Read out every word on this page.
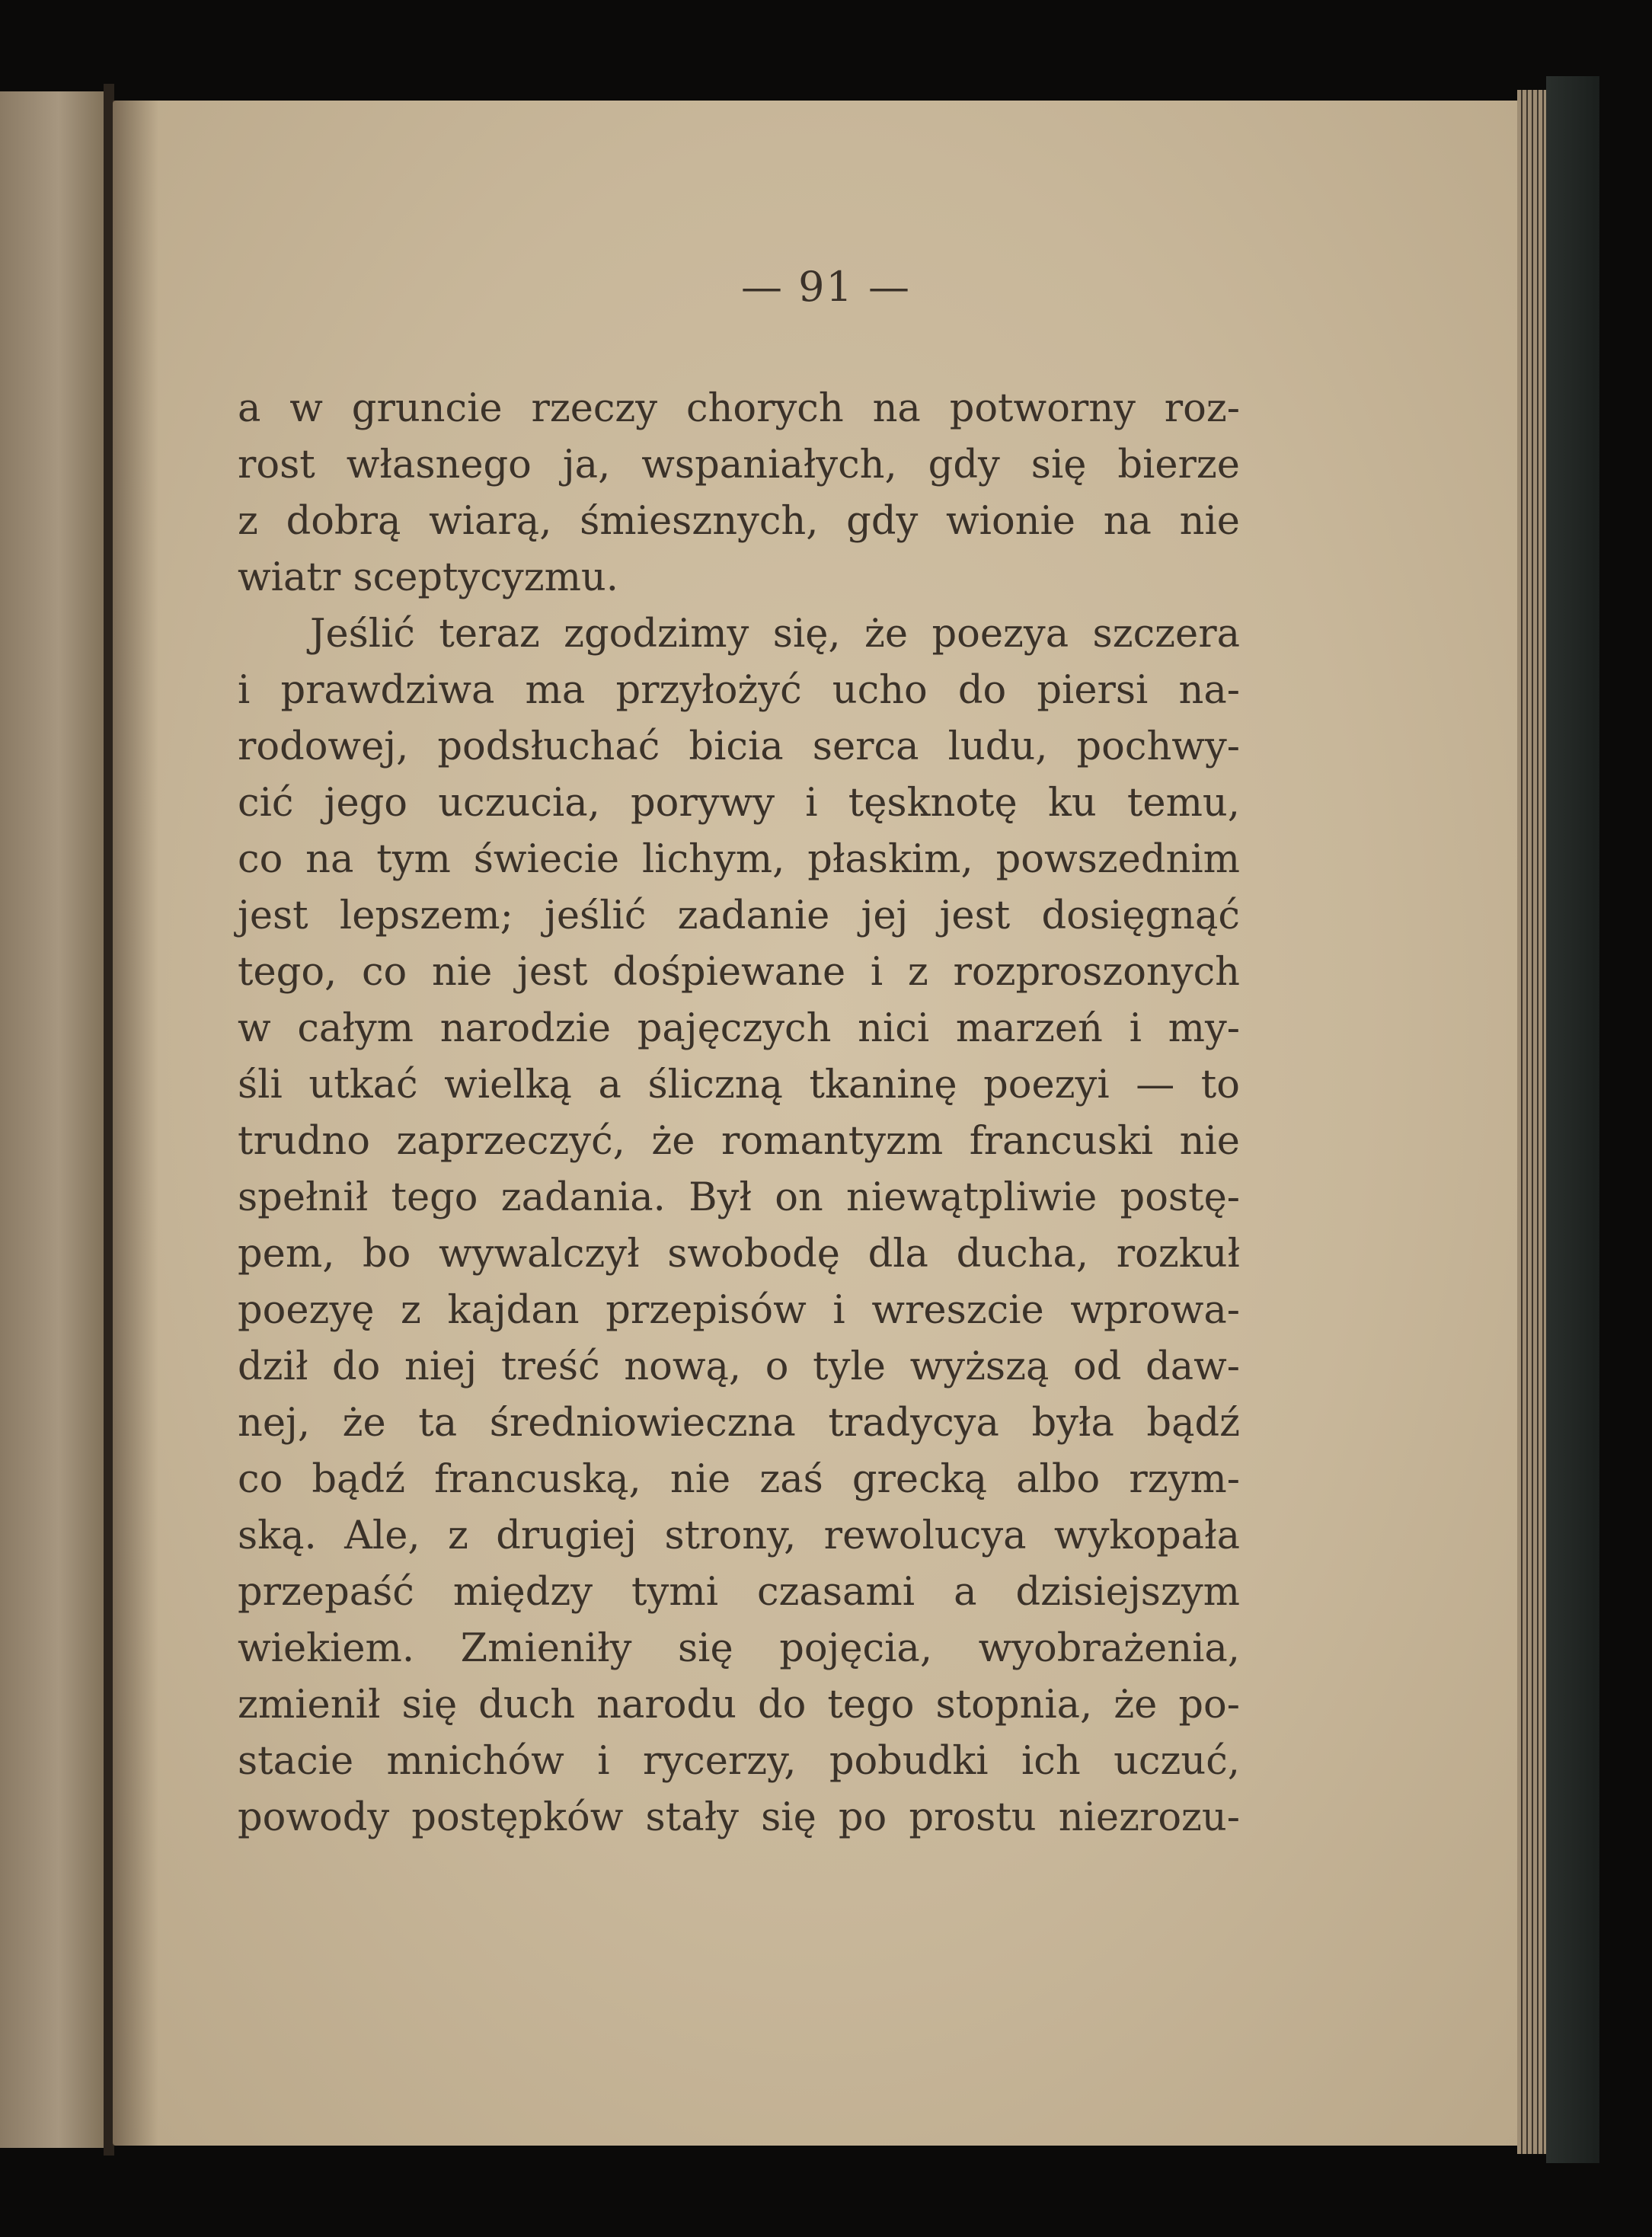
— 91 —
a w gruncie rzeczy chorych na potworny roz-
rost własnego ja, wspaniałych, gdy się bierze
z dobrą wiarą, śmiesznych, gdy wionie na nie
wiatr sceptycyzmu.
Jeślić teraz zgodzimy się, że poezya szczera
i prawdziwa ma przyłożyć ucho do piersi na-
rodowej, podsłuchać bicia serca ludu, pochwy-
cić jego uczucia, porywy i tęsknotę ku temu,
co na tym świecie lichym, płaskim, powszednim
jest lepszem; jeślić zadanie jej jest dosięgnąć
tego, co nie jest dośpiewane i z rozproszonych
w całym narodzie pajęczych nici marzeń i my-
śli utkać wielką a śliczną tkaninę poezyi — to
trudno zaprzeczyć, że romantyzm francuski nie
spełnił tego zadania. Był on niewątpliwie postę-
pem, bo wywalczył swobodę dla ducha, rozkuł
poezyę z kajdan przepisów i wreszcie wprowa-
dził do niej treść nową, o tyle wyższą od daw-
nej, że ta średniowieczna tradycya była bądź
co bądź francuską, nie zaś grecką albo rzym-
ską. Ale, z drugiej strony, rewolucya wykopała
przepaść między tymi czasami a dzisiejszym
wiekiem. Zmieniły się pojęcia, wyobrażenia,
zmienił się duch narodu do tego stopnia, że po-
stacie mnichów i rycerzy, pobudki ich uczuć,
powody postępków stały się po prostu niezrozu-
